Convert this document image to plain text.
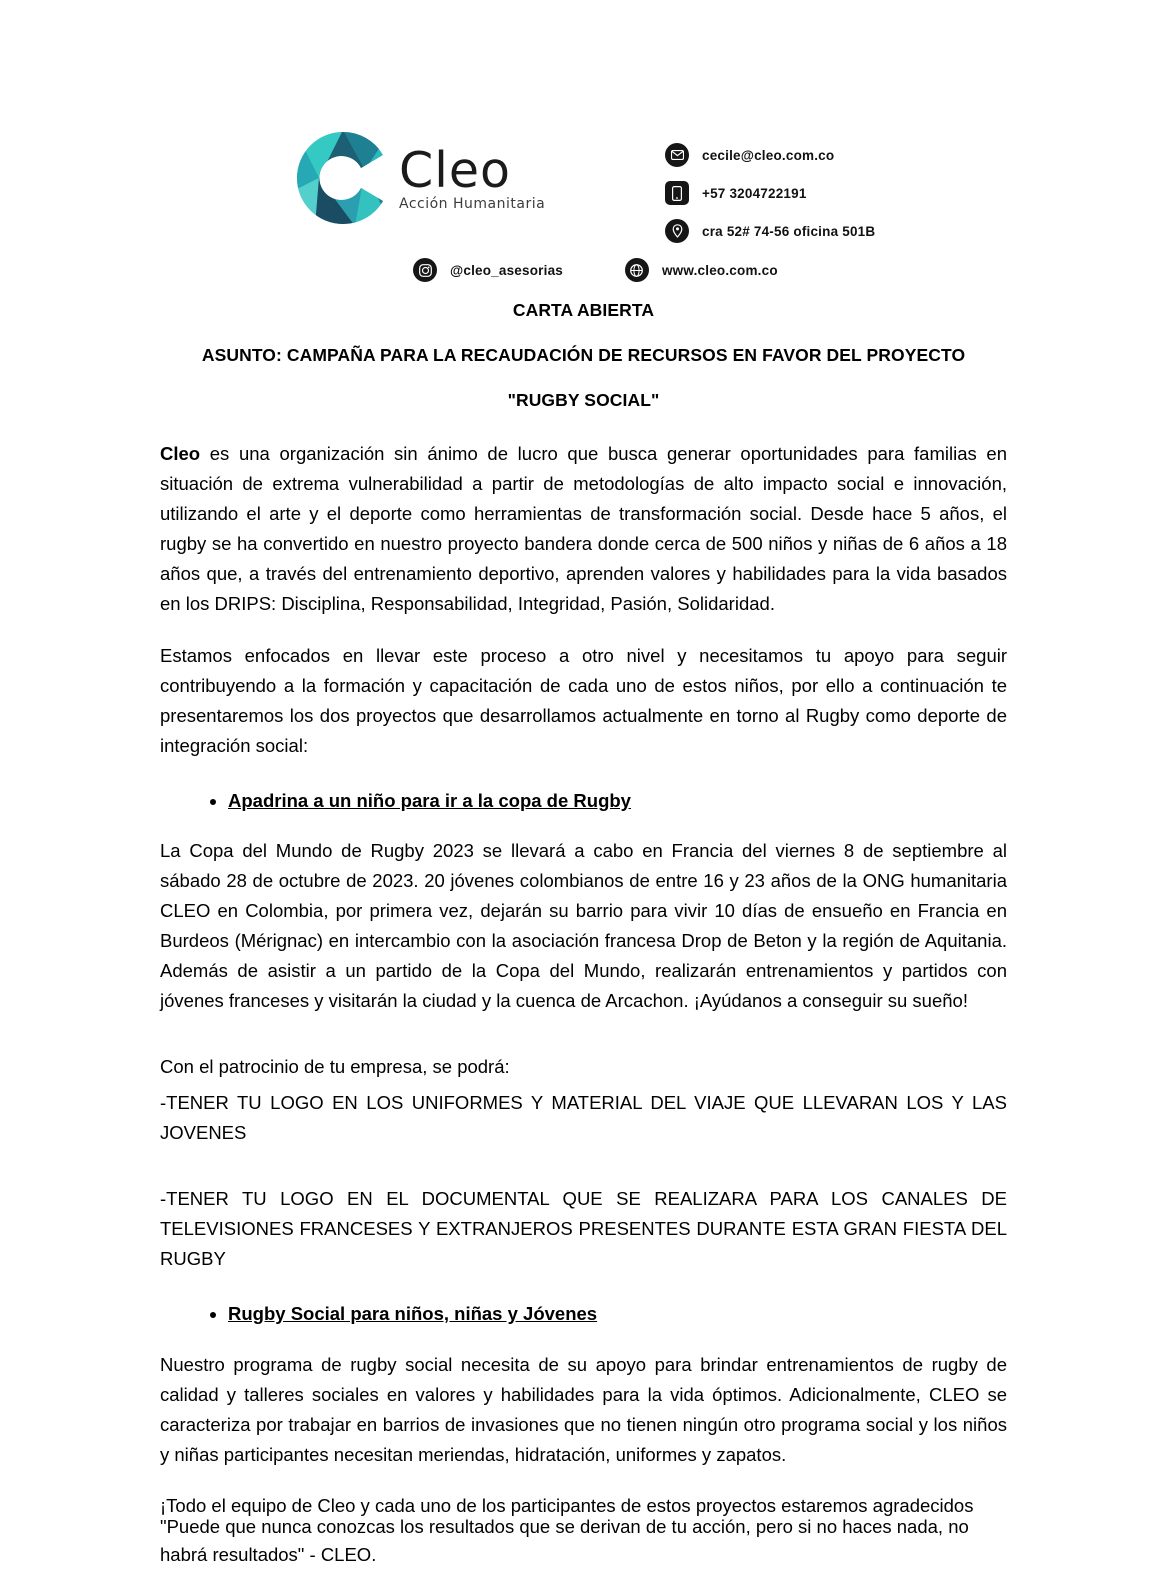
Cleo
Acción Humanitaria
cecile@cleo.com.co
+57 3204722191
cra 52# 74-56 oficina 501B
@cleo_asesorias	www.cleo.com.co
CARTA ABIERTA
ASUNTO: CAMPAÑA PARA LA RECAUDACIÓN DE RECURSOS EN FAVOR DEL PROYECTO
"RUGBY SOCIAL"

Cleo es una organización sin ánimo de lucro que busca generar oportunidades para familias en situación de extrema vulnerabilidad a partir de metodologías de alto impacto social e innovación, utilizando el arte y el deporte como herramientas de transformación social. Desde hace 5 años, el rugby se ha convertido en nuestro proyecto bandera donde cerca de 500 niños y niñas de 6 años a 18 años que, a través del entrenamiento deportivo, aprenden valores y habilidades para la vida basados en los DRIPS: Disciplina, Responsabilidad, Integridad, Pasión, Solidaridad.

Estamos enfocados en llevar este proceso a otro nivel y necesitamos tu apoyo para seguir contribuyendo a la formación y capacitación de cada uno de estos niños, por ello a continuación te presentaremos los dos proyectos que desarrollamos actualmente en torno al Rugby como deporte de integración social:

• Apadrina a un niño para ir a la copa de Rugby

La Copa del Mundo de Rugby 2023 se llevará a cabo en Francia del viernes 8 de septiembre al sábado 28 de octubre de 2023. 20 jóvenes colombianos de entre 16 y 23 años de la ONG humanitaria CLEO en Colombia, por primera vez, dejarán su barrio para vivir 10 días de ensueño en Francia en Burdeos (Mérignac) en intercambio con la asociación francesa Drop de Beton y la región de Aquitania. Además de asistir a un partido de la Copa del Mundo, realizarán entrenamientos y partidos con jóvenes franceses y visitarán la ciudad y la cuenca de Arcachon. ¡Ayúdanos a conseguir su sueño!

Con el patrocinio de tu empresa, se podrá:

-TENER TU LOGO EN LOS UNIFORMES Y MATERIAL DEL VIAJE QUE LLEVARAN LOS Y LAS JOVENES

-TENER TU LOGO EN EL DOCUMENTAL QUE SE REALIZARA PARA LOS CANALES DE TELEVISIONES FRANCESES Y EXTRANJEROS PRESENTES DURANTE ESTA GRAN FIESTA DEL RUGBY

• Rugby Social para niños, niñas y Jóvenes

Nuestro programa de rugby social necesita de su apoyo para brindar entrenamientos de rugby de calidad y talleres sociales en valores y habilidades para la vida óptimos. Adicionalmente, CLEO se caracteriza por trabajar en barrios de invasiones que no tienen ningún otro programa social y los niños y niñas participantes necesitan meriendas, hidratación, uniformes y zapatos.

¡Todo el equipo de Cleo y cada uno de los participantes de estos proyectos estaremos agradecidos
"Puede que nunca conozcas los resultados que se derivan de tu acción, pero si no haces nada, no habrá resultados" - CLEO.
